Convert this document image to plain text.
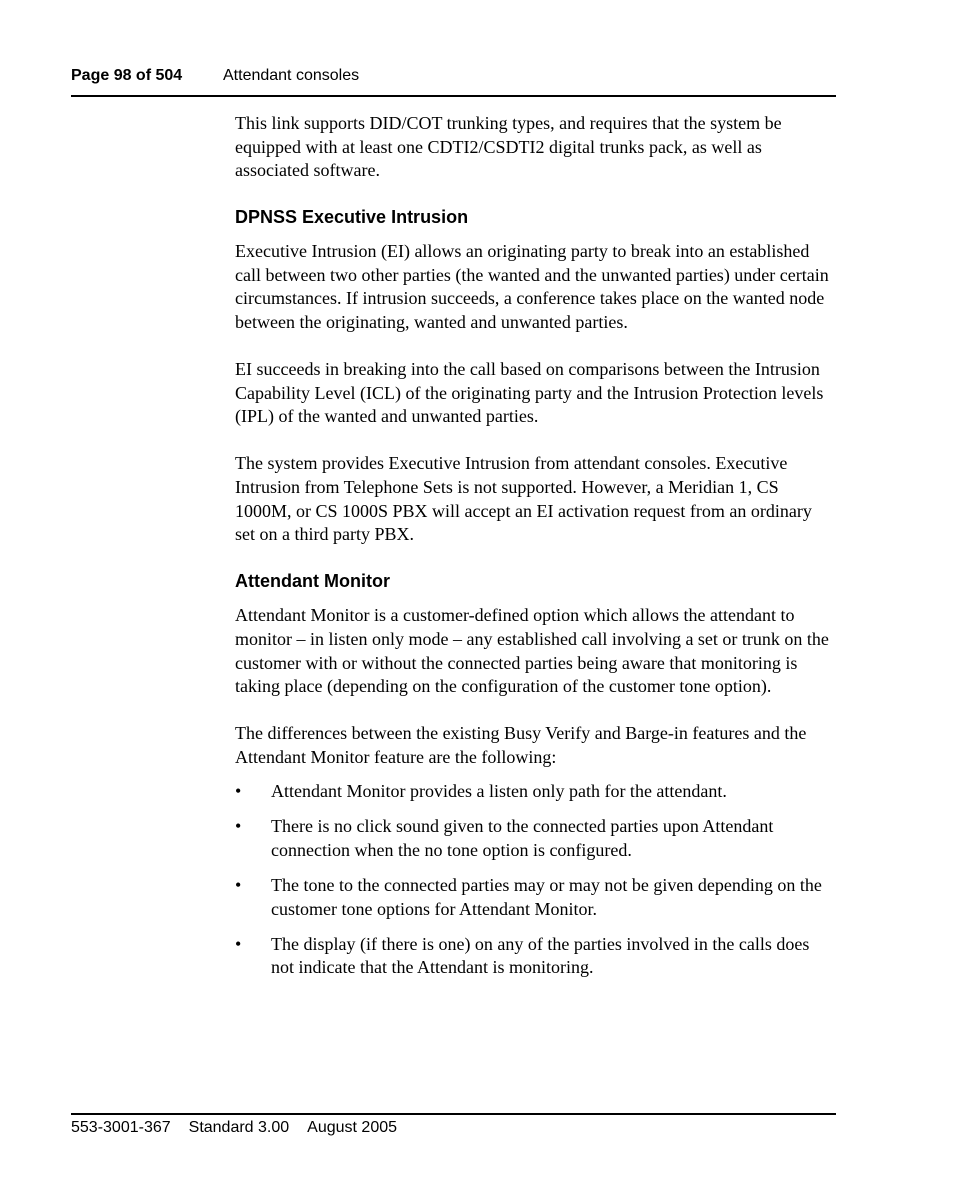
Page 98 of 504	Attendant consoles

This link supports DID/COT trunking types, and requires that the system be equipped with at least one CDTI2/CSDTI2 digital trunks pack, as well as associated software.

DPNSS Executive Intrusion

Executive Intrusion (EI) allows an originating party to break into an established call between two other parties (the wanted and the unwanted parties) under certain circumstances. If intrusion succeeds, a conference takes place on the wanted node between the originating, wanted and unwanted parties.

EI succeeds in breaking into the call based on comparisons between the Intrusion Capability Level (ICL) of the originating party and the Intrusion Protection levels (IPL) of the wanted and unwanted parties.

The system provides Executive Intrusion from attendant consoles. Executive Intrusion from Telephone Sets is not supported. However, a Meridian 1, CS 1000M, or CS 1000S PBX will accept an EI activation request from an ordinary set on a third party PBX.

Attendant Monitor

Attendant Monitor is a customer-defined option which allows the attendant to monitor – in listen only mode – any established call involving a set or trunk on the customer with or without the connected parties being aware that monitoring is taking place (depending on the configuration of the customer tone option).

The differences between the existing Busy Verify and Barge-in features and the Attendant Monitor feature are the following:

• Attendant Monitor provides a listen only path for the attendant.
• There is no click sound given to the connected parties upon Attendant connection when the no tone option is configured.
• The tone to the connected parties may or may not be given depending on the customer tone options for Attendant Monitor.
• The display (if there is one) on any of the parties involved in the calls does not indicate that the Attendant is monitoring.
553-3001-367 Standard 3.00 August 2005
